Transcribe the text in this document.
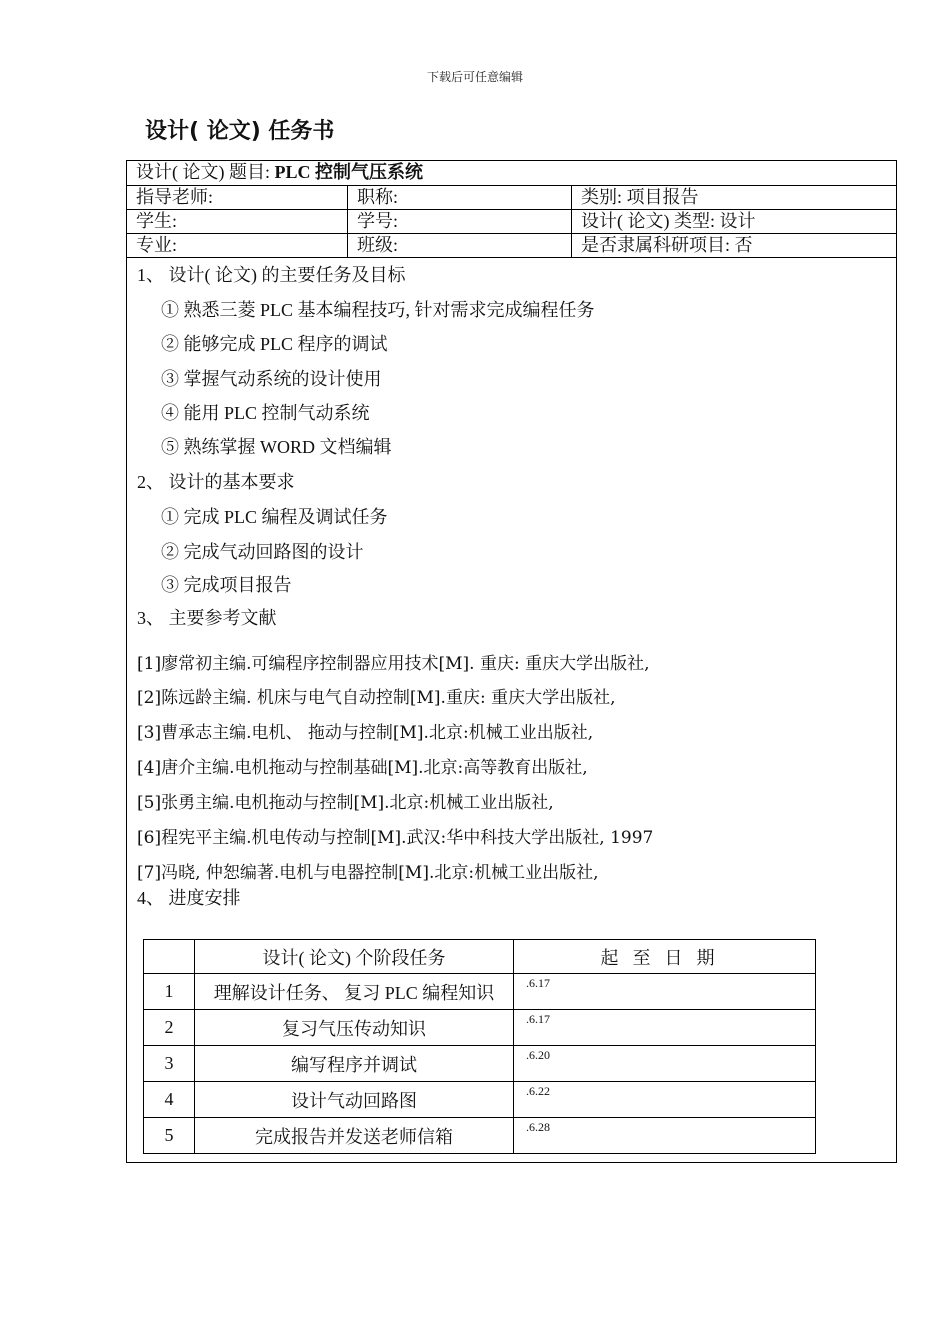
下载后可任意编辑
设计( 论文) 任务书
设计( 论文) 题目: PLC 控制气压系统
指导老师:	职称:	类别: 项目报告
学生:	学号:	设计( 论文) 类型: 设计
专业:	班级:	是否隶属科研项目: 否
1、 设计( 论文) 的主要任务及目标
① 熟悉三菱 PLC 基本编程技巧, 针对需求完成编程任务
② 能够完成 PLC 程序的调试
③ 掌握气动系统的设计使用
④ 能用 PLC 控制气动系统
⑤ 熟练掌握 WORD 文档编辑
2、 设计的基本要求
① 完成 PLC 编程及调试任务
② 完成气动回路图的设计
③ 完成项目报告
3、 主要参考文献
[1]廖常初主编.可编程序控制器应用技术[M]. 重庆: 重庆大学出版社,
[2]陈远龄主编. 机床与电气自动控制[M].重庆: 重庆大学出版社,
[3]曹承志主编.电机、 拖动与控制[M].北京:机械工业出版社,
[4]唐介主编.电机拖动与控制基础[M].北京:高等教育出版社,
[5]张勇主编.电机拖动与控制[M].北京:机械工业出版社,
[6]程宪平主编.机电传动与控制[M].武汉:华中科技大学出版社, 1997
[7]冯晓, 仲恕编著.电机与电器控制[M].北京:机械工业出版社,
4、 进度安排
	设计( 论文) 个阶段任务	起至日期
1	理解设计任务、 复习 PLC 编程知识	.6.17
2	复习气压传动知识	.6.17
3	编写程序并调试	.6.20
4	设计气动回路图	.6.22
5	完成报告并发送老师信箱	.6.28
